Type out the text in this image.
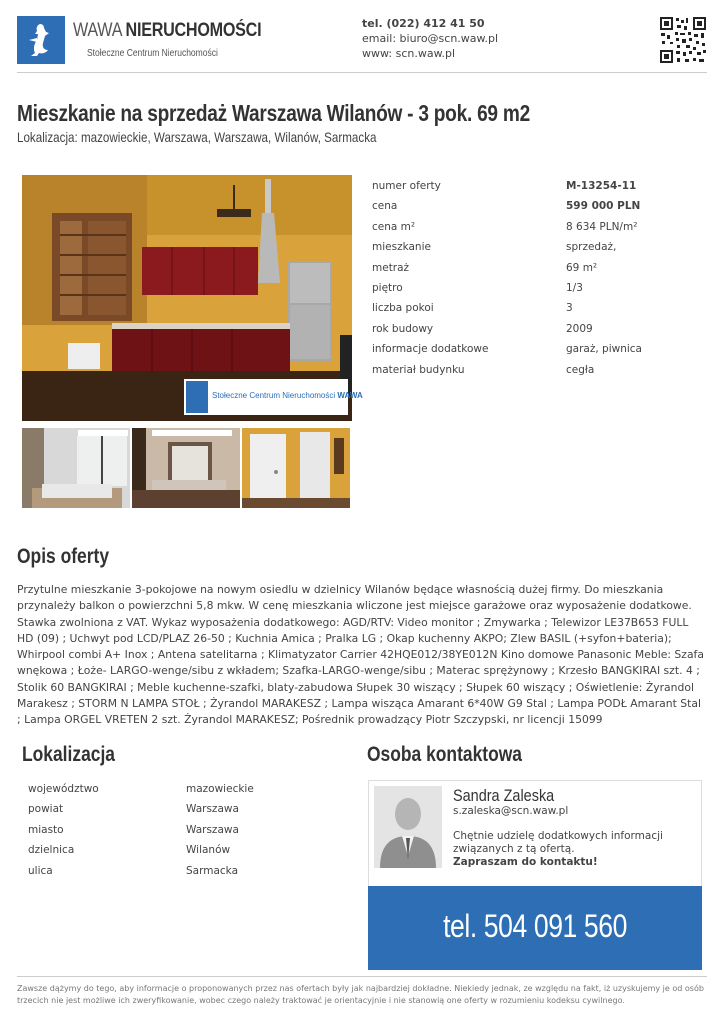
WAWA NIERUCHOMOŚCI
Stołeczne Centrum Nieruchomości
tel. (022) 412 41 50
email: biuro@scn.waw.pl
www: scn.waw.pl
Mieszkanie na sprzedaż Warszawa Wilanów - 3 pok. 69 m2
Lokalizacja: mazowieckie, Warszawa, Warszawa, Wilanów, Sarmacka
Stołeczne Centrum Nieruchomości WAWA
numer oferty	M-13254-11
cena	599 000 PLN
cena m²	8 634 PLN/m²
mieszkanie	sprzedaż,
metraż	69 m²
piętro	1/3
liczba pokoi	3
rok budowy	2009
informacje dodatkowe	garaż, piwnica
materiał budynku	cegła
Opis oferty

Przytulne mieszkanie 3-pokojowe na nowym osiedlu w dzielnicy Wilanów będące własnością dużej firmy. Do mieszkania przynależy balkon o powierzchni 5,8 mkw. W cenę mieszkania wliczone jest miejsce garażowe oraz wyposażenie dodatkowe. Stawka zwolniona z VAT. Wykaz wyposażenia dodatkowego: AGD/RTV: Video monitor ; Zmywarka ; Telewizor LE37B653 FULL HD (09) ; Uchwyt pod LCD/PLAZ 26-50 ; Kuchnia Amica ; Pralka LG ; Okap kuchenny AKPO; Zlew BASIL (+syfon+bateria); Whirpool combi A+ Inox ; Antena satelitarna ; Klimatyzator Carrier 42HQE012/38YE012N Kino domowe Panasonic Meble: Szafa wnękowa ; Łoże- LARGO-wenge/sibu z wkładem; Szafka-LARGO-wenge/sibu ; Materac sprężynowy ; Krzesło BANGKIRAI szt. 4 ; Stolik 60 BANGKIRAI ; Meble kuchenne-szafki, blaty-zabudowa Słupek 30 wiszący ; Słupek 60 wiszący ; Oświetlenie: Żyrandol Marakesz ; STORM N LAMPA STOŁ ; Żyrandol MARAKESZ ; Lampa wisząca Amarant 6*40W G9 Stal ; Lampa PODŁ Amarant Stal ; Lampa ORGEL VRETEN 2 szt. Żyrandol MARAKESZ; Pośrednik prowadzący Piotr Szczypski, nr licencji 15099

Lokalizacja
województwo	mazowieckie
powiat	Warszawa
miasto	Warszawa
dzielnica	Wilanów
ulica	Sarmacka
Osoba kontaktowa
Sandra Zaleska
s.zaleska@scn.waw.pl
Chętnie udzielę dodatkowych informacji związanych z tą ofertą.
Zapraszam do kontaktu!
tel. 504 091 560
Zawsze dążymy do tego, aby informacje o proponowanych przez nas ofertach były jak najbardziej dokładne. Niekiedy jednak, ze względu na fakt, iż uzyskujemy je od osób trzecich nie jest możliwe ich zweryfikowanie, wobec czego należy traktować je orientacyjnie i nie stanowią one oferty w rozumieniu kodeksu cywilnego.
